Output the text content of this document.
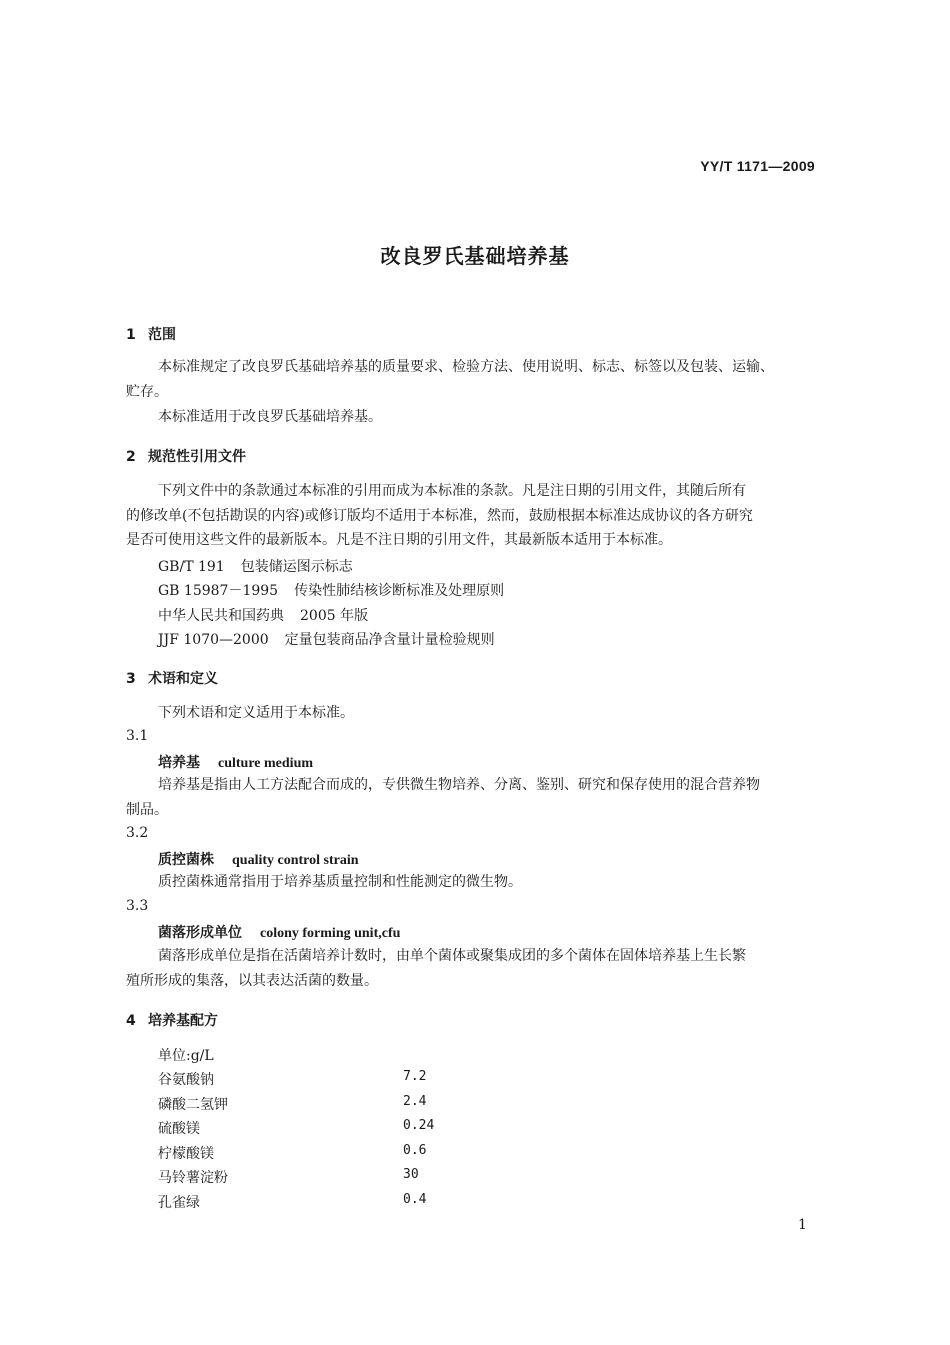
YY/T 1171—2009
改良罗氏基础培养基
1 范围
本标准规定了改良罗氏基础培养基的质量要求、检验方法、使用说明、标志、标签以及包装、运输、
贮存。
本标准适用于改良罗氏基础培养基。
2 规范性引用文件
下列文件中的条款通过本标准的引用而成为本标准的条款。凡是注日期的引用文件，其随后所有
的修改单(不包括勘误的内容)或修订版均不适用于本标准，然而，鼓励根据本标准达成协议的各方研究
是否可使用这些文件的最新版本。凡是不注日期的引用文件，其最新版本适用于本标准。
GB/T 191 包装储运图示标志
GB 15987－1995 传染性肺结核诊断标准及处理原则
中华人民共和国药典 2005 年版
JJF 1070—2000 定量包装商品净含量计量检验规则
3 术语和定义
下列术语和定义适用于本标准。
3.1
培养基 culture medium
培养基是指由人工方法配合而成的，专供微生物培养、分离、鉴别、研究和保存使用的混合营养物
制品。
3.2
质控菌株 quality control strain
质控菌株通常指用于培养基质量控制和性能测定的微生物。
3.3
菌落形成单位 colony forming unit,cfu
菌落形成单位是指在活菌培养计数时，由单个菌体或聚集成团的多个菌体在固体培养基上生长繁
殖所形成的集落，以其表达活菌的数量。
4 培养基配方
单位:g/L
谷氨酸钠	7.2
磷酸二氢钾	2.4
硫酸镁	0.24
柠檬酸镁	0.6
马铃薯淀粉	30
孔雀绿	0.4
1
